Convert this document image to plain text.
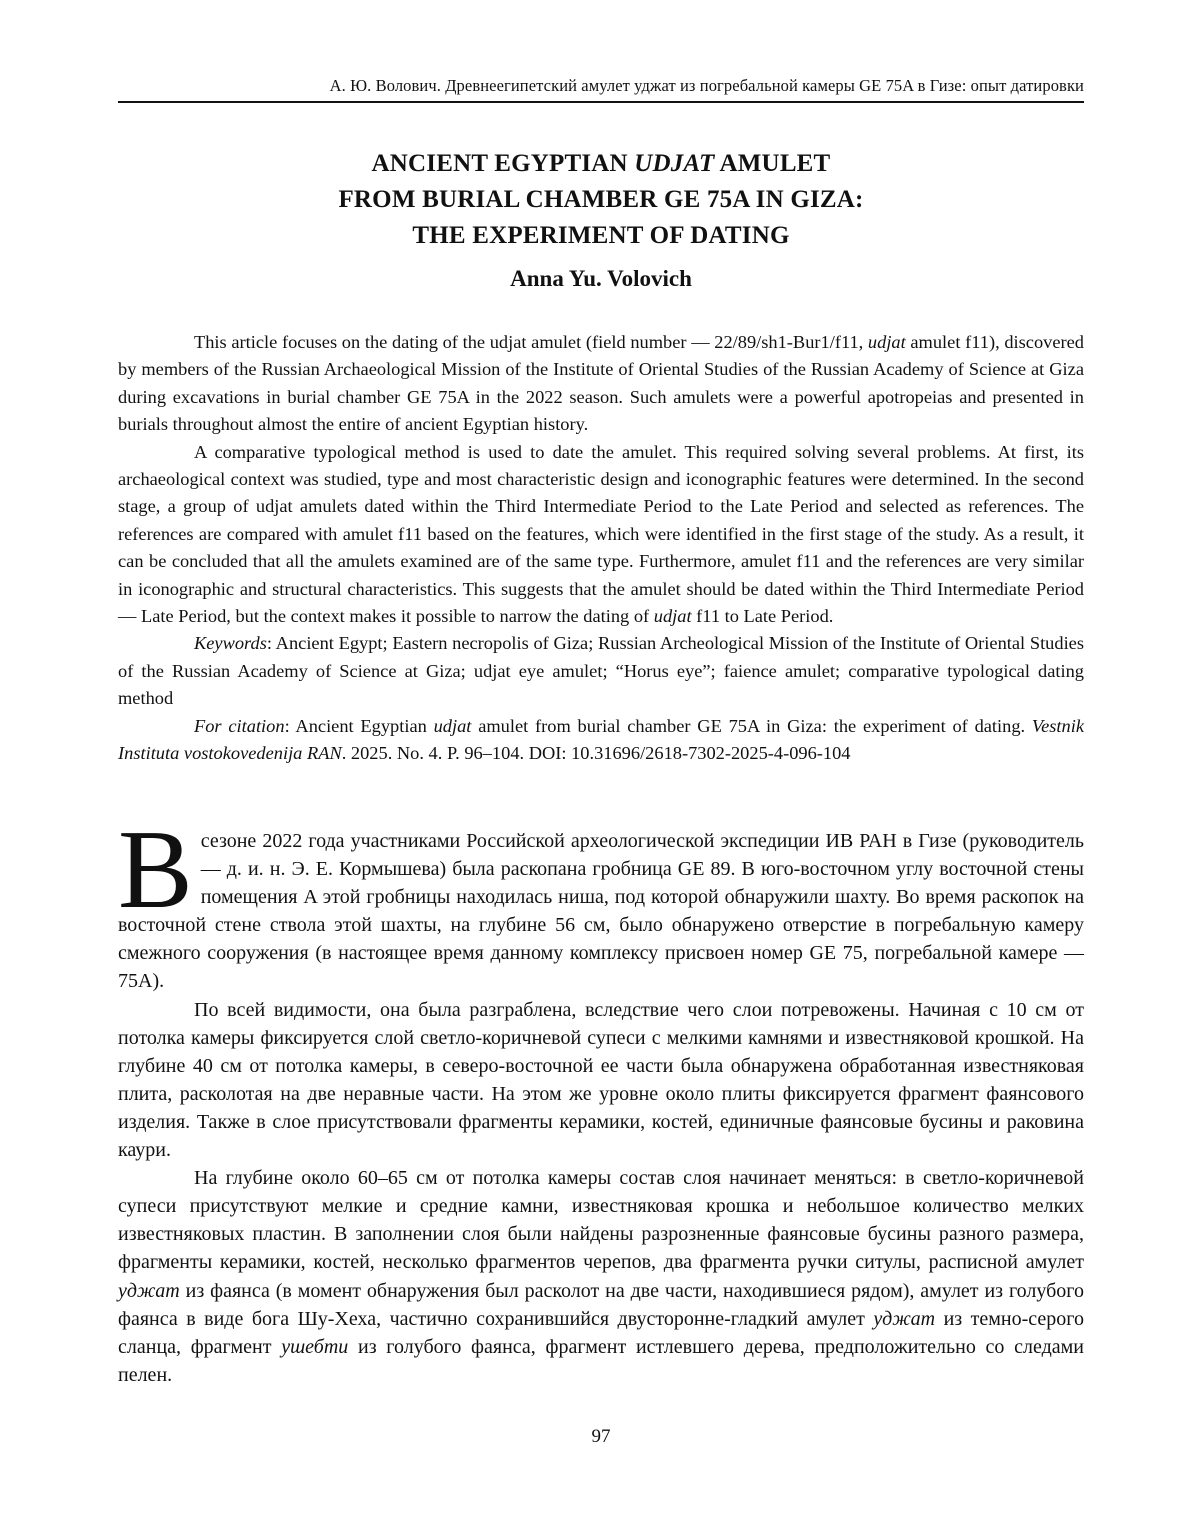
А. Ю. Волович. Древнеегипетский амулет уджат из погребальной камеры GE 75A в Гизе: опыт датировки
ANCIENT EGYPTIAN UDJAT AMULET
FROM BURIAL CHAMBER GE 75A IN GIZA:
THE EXPERIMENT OF DATING
Anna Yu. Volovich

This article focuses on the dating of the udjat amulet (field number — 22/89/sh1-Bur1/f11, udjat amulet f11), discovered by members of the Russian Archaeological Mission of the Institute of Oriental Studies of the Russian Academy of Science at Giza during excavations in burial chamber GE 75A in the 2022 season. Such amulets were a powerful apotropeias and presented in burials throughout almost the entire of ancient Egyptian history.

A comparative typological method is used to date the amulet. This required solving several problems. At first, its archaeological context was studied, type and most characteristic design and iconographic features were determined. In the second stage, a group of udjat amulets dated within the Third Intermediate Period to the Late Period and selected as references. The references are compared with amulet f11 based on the features, which were identified in the first stage of the study. As a result, it can be concluded that all the amulets examined are of the same type. Furthermore, amulet f11 and the references are very similar in iconographic and structural characteristics. This suggests that the amulet should be dated within the Third Intermediate Period — Late Period, but the context makes it possible to narrow the dating of udjat f11 to Late Period.

Keywords: Ancient Egypt; Eastern necropolis of Giza; Russian Archeological Mission of the Institute of Oriental Studies of the Russian Academy of Science at Giza; udjat eye amulet; “Horus eye”; faience amulet; comparative typological dating method

For citation: Ancient Egyptian udjat amulet from burial chamber GE 75A in Giza: the experiment of dating. Vestnik Instituta vostokovedenija RAN. 2025. No. 4. P. 96–104. DOI: 10.31696/2618-7302-2025-4-096-104

В сезоне 2022 года участниками Российской археологической экспедиции ИВ РАН в Гизе (руководитель — д. и. н. Э. Е. Кормышева) была раскопана гробница GE 89. В юго-восточном углу восточной стены помещения A этой гробницы находилась ниша, под которой обнаружили шахту. Во время раскопок на восточной стене ствола этой шахты, на глубине 56 см, было обнаружено отверстие в погребальную камеру смежного сооружения (в настоящее время данному комплексу присвоен номер GE 75, погребальной камере — 75A).

По всей видимости, она была разграблена, вследствие чего слои потревожены. Начиная с 10 см от потолка камеры фиксируется слой светло-коричневой супеси с мелкими камнями и известняковой крошкой. На глубине 40 см от потолка камеры, в северо-восточной ее части была обнаружена обработанная известняковая плита, расколотая на две неравные части. На этом же уровне около плиты фиксируется фрагмент фаянсового изделия. Также в слое присутствовали фрагменты керамики, костей, единичные фаянсовые бусины и раковина каури.

На глубине около 60–65 см от потолка камеры состав слоя начинает меняться: в светло-коричневой супеси присутствуют мелкие и средние камни, известняковая крошка и небольшое количество мелких известняковых пластин. В заполнении слоя были найдены разрозненные фаянсовые бусины разного размера, фрагменты керамики, костей, несколько фрагментов черепов, два фрагмента ручки ситулы, расписной амулет уджат из фаянса (в момент обнаружения был расколот на две части, находившиеся рядом), амулет из голубого фаянса в виде бога Шу-Хеха, частично сохранившийся двусторонне-гладкий амулет уджат из темно-серого сланца, фрагмент ушебти из голубого фаянса, фрагмент истлевшего дерева, предположительно со следами пелен.

97
